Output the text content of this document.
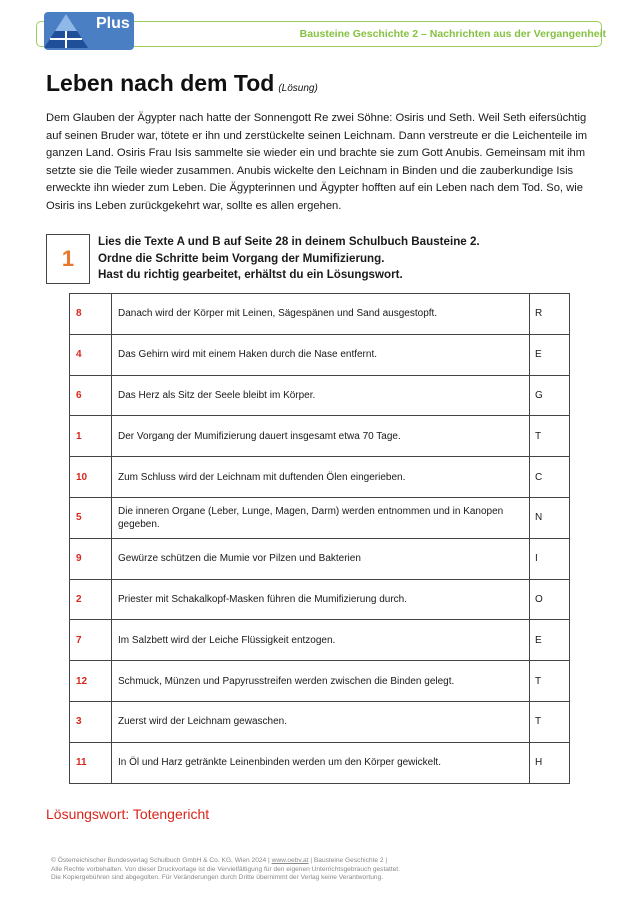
Plus
Bausteine Geschichte 2 – Nachrichten aus der Vergangenheit
Leben nach dem Tod (Lösung)
Dem Glauben der Ägypter nach hatte der Sonnengott Re zwei Söhne: Osiris und Seth. Weil Seth eifersüchtig auf seinen Bruder war, tötete er ihn und zerstückelte seinen Leichnam. Dann verstreute er die Leichenteile im ganzen Land. Osiris Frau Isis sammelte sie wieder ein und brachte sie zum Gott Anubis. Gemeinsam mit ihm setzte sie die Teile wieder zusammen. Anubis wickelte den Leichnam in Binden und die zauberkundige Isis erweckte ihn wieder zum Leben. Die Ägypterinnen und Ägypter hofften auf ein Leben nach dem Tod. So, wie Osiris ins Leben zurückgekehrt war, sollte es allen ergehen.
1
Lies die Texte A und B auf Seite 28 in deinem Schulbuch Bausteine 2.
Ordne die Schritte beim Vorgang der Mumifizierung.
Hast du richtig gearbeitet, erhältst du ein Lösungswort.
8	Danach wird der Körper mit Leinen, Sägespänen und Sand ausgestopft.	R
4	Das Gehirn wird mit einem Haken durch die Nase entfernt.	E
6	Das Herz als Sitz der Seele bleibt im Körper.	G
1	Der Vorgang der Mumifizierung dauert insgesamt etwa 70 Tage.	T
10	Zum Schluss wird der Leichnam mit duftenden Ölen eingerieben.	C
5	Die inneren Organe (Leber, Lunge, Magen, Darm) werden entnommen und in Kanopen gegeben.	N
9	Gewürze schützen die Mumie vor Pilzen und Bakterien	I
2	Priester mit Schakalkopf-Masken führen die Mumifizierung durch.	O
7	Im Salzbett wird der Leiche Flüssigkeit entzogen.	E
12	Schmuck, Münzen und Papyrusstreifen werden zwischen die Binden gelegt.	T
3	Zuerst wird der Leichnam gewaschen.	T
11	In Öl und Harz getränkte Leinenbinden werden um den Körper gewickelt.	H
Lösungswort: Totengericht
© Österreichischer Bundesverlag Schulbuch GmbH & Co. KG, Wien 2024 | www.oebv.at | Bausteine Geschichte 2 |
Alle Rechte vorbehalten. Von dieser Druckvorlage ist die Vervielfältigung für den eigenen Unterrichtsgebrauch gestattet.
Die Kopiergebühren sind abgegolten. Für Veränderungen durch Dritte übernimmt der Verlag keine Verantwortung.
